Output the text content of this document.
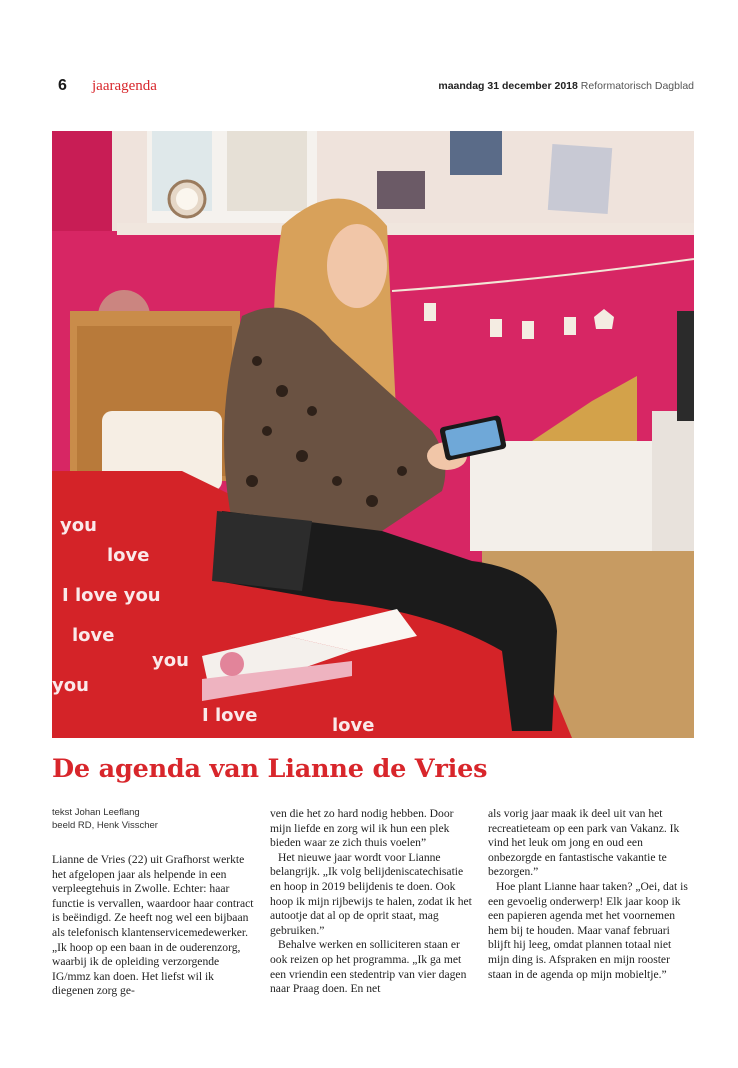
6 jaaragenda	maandag 31 december 2018 Reformatorisch Dagblad
you
love
I love you
love
you
I love	love
you
De agenda van Lianne de Vries

tekst Johan Leeflang

beeld RD, Henk Visscher

Lianne de Vries (22) uit Grafhorst werkte het afgelopen jaar als helpende in een verpleegtehuis in Zwolle. Echter: haar functie is vervallen, waardoor haar contract is beëindigd. Ze heeft nog wel een bijbaan als telefonisch klantenservicemedewerker. „Ik hoop op een baan in de ouderenzorg, waarbij ik de opleiding verzorgende IG/mmz kan doen. Het liefst wil ik diegenen zorg ge-

ven die het zo hard nodig hebben. Door mijn liefde en zorg wil ik hun een plek bieden waar ze zich thuis voelen”

Het nieuwe jaar wordt voor Lianne belangrijk. „Ik volg belijdeniscatechisatie en hoop in 2019 belijdenis te doen. Ook hoop ik mijn rijbewijs te halen, zodat ik het autootje dat al op de oprit staat, mag gebruiken.”

Behalve werken en solliciteren staan er ook reizen op het programma. „Ik ga met een vriendin een stedentrip van vier dagen naar Praag doen. En net

als vorig jaar maak ik deel uit van het recreatieteam op een park van Vakanz. Ik vind het leuk om jong en oud een onbezorgde en fantastische vakantie te bezorgen.”

Hoe plant Lianne haar taken? „Oei, dat is een gevoelig onderwerp! Elk jaar koop ik een papieren agenda met het voornemen hem bij te houden. Maar vanaf februari blijft hij leeg, omdat plannen totaal niet mijn ding is. Afspraken en mijn rooster staan in de agenda op mijn mobieltje.”
